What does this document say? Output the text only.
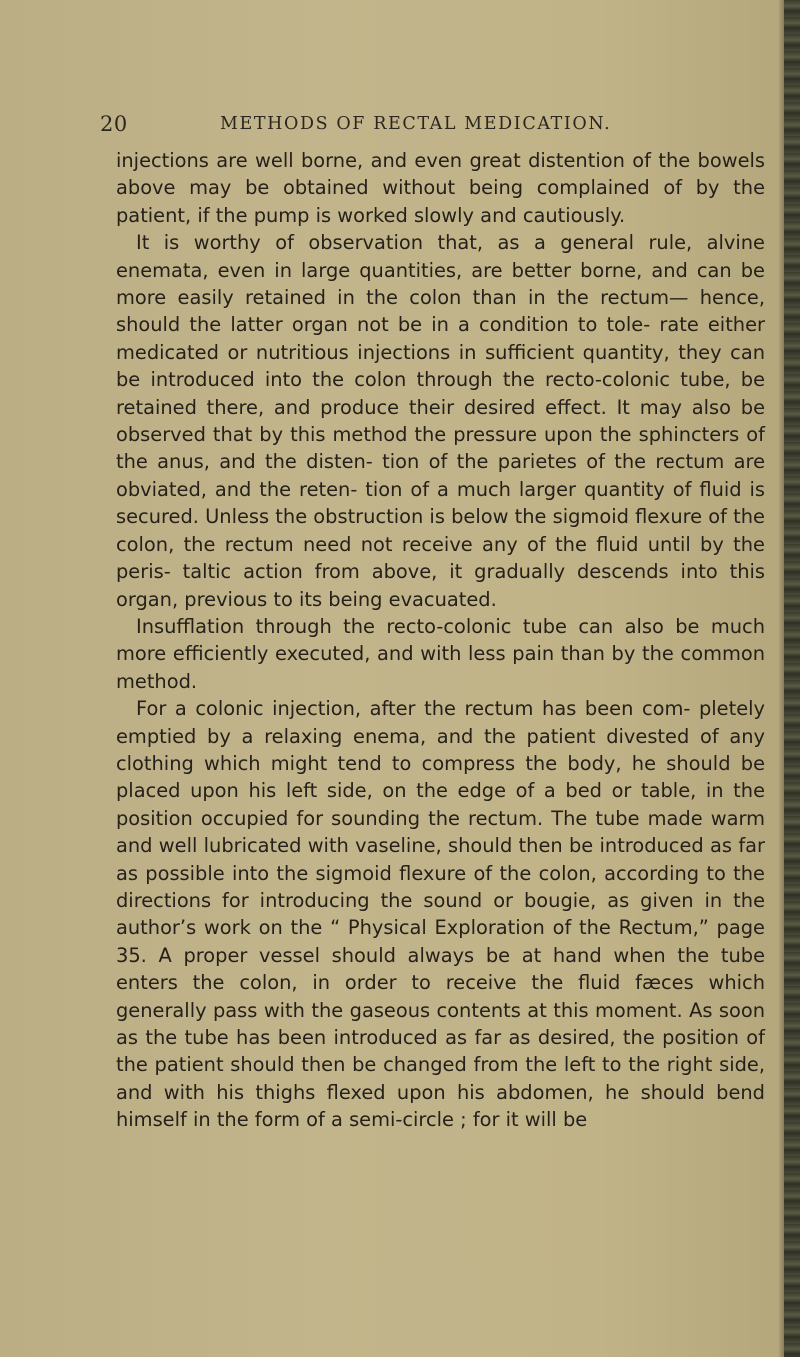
20	METHODS OF RECTAL MEDICATION.

injections are well borne, and even great distention of the bowels above may be obtained without being complained of by the patient, if the pump is worked slowly and cautiously.

It is worthy of observation that, as a general rule, alvine enemata, even in large quantities, are better borne, and can be more easily retained in the colon than in the rectum— hence, should the latter organ not be in a condition to tole- rate either medicated or nutritious injections in sufficient quantity, they can be introduced into the colon through the recto-colonic tube, be retained there, and produce their desired effect. It may also be observed that by this method the pressure upon the sphincters of the anus, and the disten- tion of the parietes of the rectum are obviated, and the reten- tion of a much larger quantity of fluid is secured. Unless the obstruction is below the sigmoid flexure of the colon, the rectum need not receive any of the fluid until by the peris- taltic action from above, it gradually descends into this organ, previous to its being evacuated.

Insufflation through the recto-colonic tube can also be much more efficiently executed, and with less pain than by the common method.

For a colonic injection, after the rectum has been com- pletely emptied by a relaxing enema, and the patient divested of any clothing which might tend to compress the body, he should be placed upon his left side, on the edge of a bed or table, in the position occupied for sounding the rectum. The tube made warm and well lubricated with vaseline, should then be introduced as far as possible into the sigmoid flexure of the colon, according to the directions for introducing the sound or bougie, as given in the author’s work on the “ Physical Exploration of the Rectum,” page 35. A proper vessel should always be at hand when the tube enters the colon, in order to receive the fluid fæces which generally pass with the gaseous contents at this moment. As soon as the tube has been introduced as far as desired, the position of the patient should then be changed from the left to the right side, and with his thighs flexed upon his abdomen, he should bend himself in the form of a semi-circle ; for it will be
